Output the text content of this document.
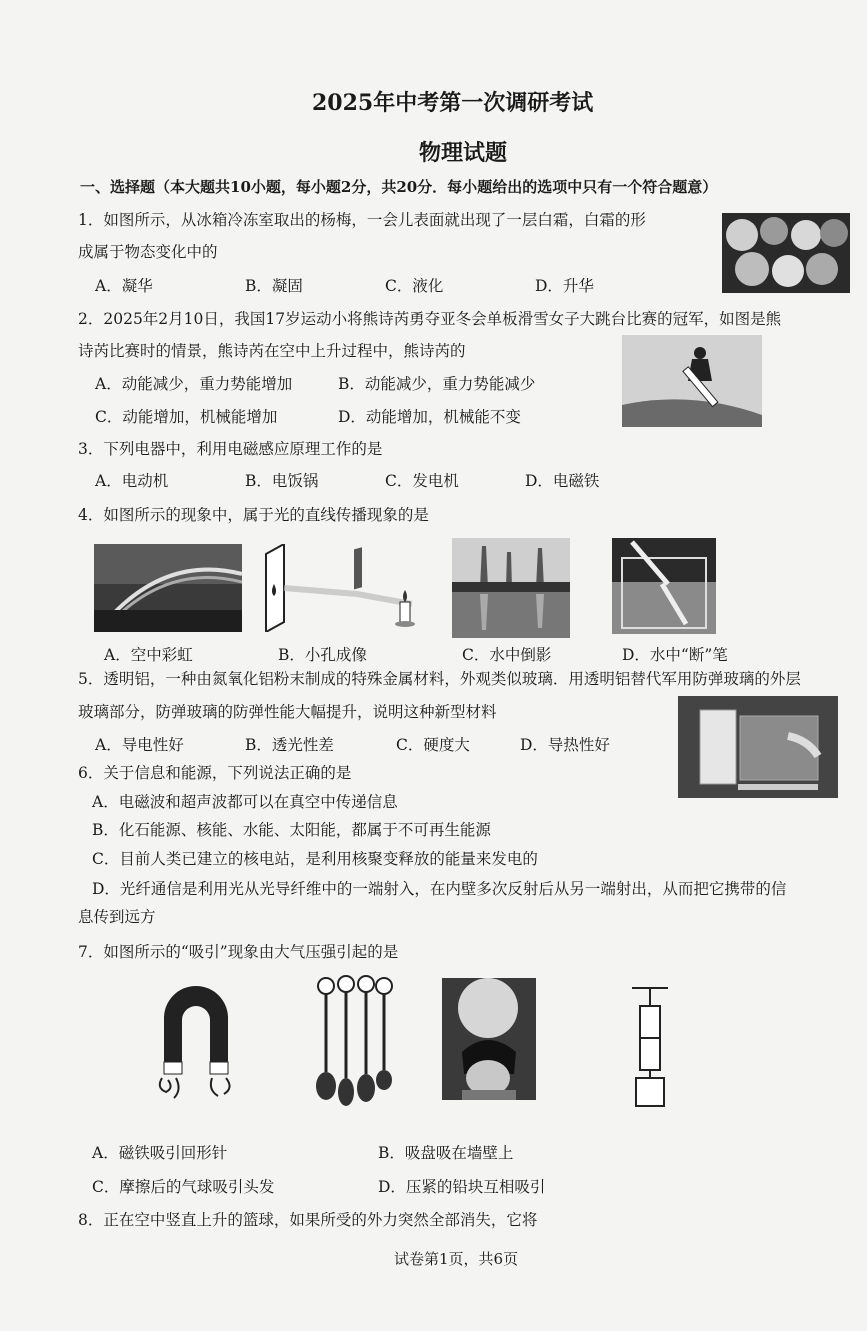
2025年中考第一次调研考试
物理试题
一、选择题（本大题共10小题，每小题2分，共20分．每小题给出的选项中只有一个符合题意）
1．如图所示，从冰箱冷冻室取出的杨梅，一会儿表面就出现了一层白霜，白霜的形
成属于物态变化中的
A．凝华	B．凝固	C．液化	D．升华
2．2025年2月10日，我国17岁运动小将熊诗芮勇夺亚冬会单板滑雪女子大跳台比赛的冠军，如图是熊
诗芮比赛时的情景，熊诗芮在空中上升过程中，熊诗芮的
A．动能减少，重力势能增加	B．动能减少，重力势能减少
C．动能增加，机械能增加	D．动能增加，机械能不变
3．下列电器中，利用电磁感应原理工作的是
A．电动机	B．电饭锅	C．发电机	D．电磁铁
4．如图所示的现象中，属于光的直线传播现象的是
A．空中彩虹	B．小孔成像	C．水中倒影	D．水中“断”笔
5．透明铝，一种由氮氧化铝粉末制成的特殊金属材料，外观类似玻璃．用透明铝替代军用防弹玻璃的外层
玻璃部分，防弹玻璃的防弹性能大幅提升，说明这种新型材料
A．导电性好	B．透光性差	C．硬度大	D．导热性好
6．关于信息和能源，下列说法正确的是
A．电磁波和超声波都可以在真空中传递信息
B．化石能源、核能、水能、太阳能，都属于不可再生能源
C．目前人类已建立的核电站，是利用核聚变释放的能量来发电的
D．光纤通信是利用光从光导纤维中的一端射入，在内壁多次反射后从另一端射出，从而把它携带的信
息传到远方
7．如图所示的“吸引”现象由大气压强引起的是
A．磁铁吸引回形针	B．吸盘吸在墙壁上
C．摩擦后的气球吸引头发	D．压紧的铅块互相吸引
8．正在空中竖直上升的篮球，如果所受的外力突然全部消失，它将
试卷第1页，共6页
